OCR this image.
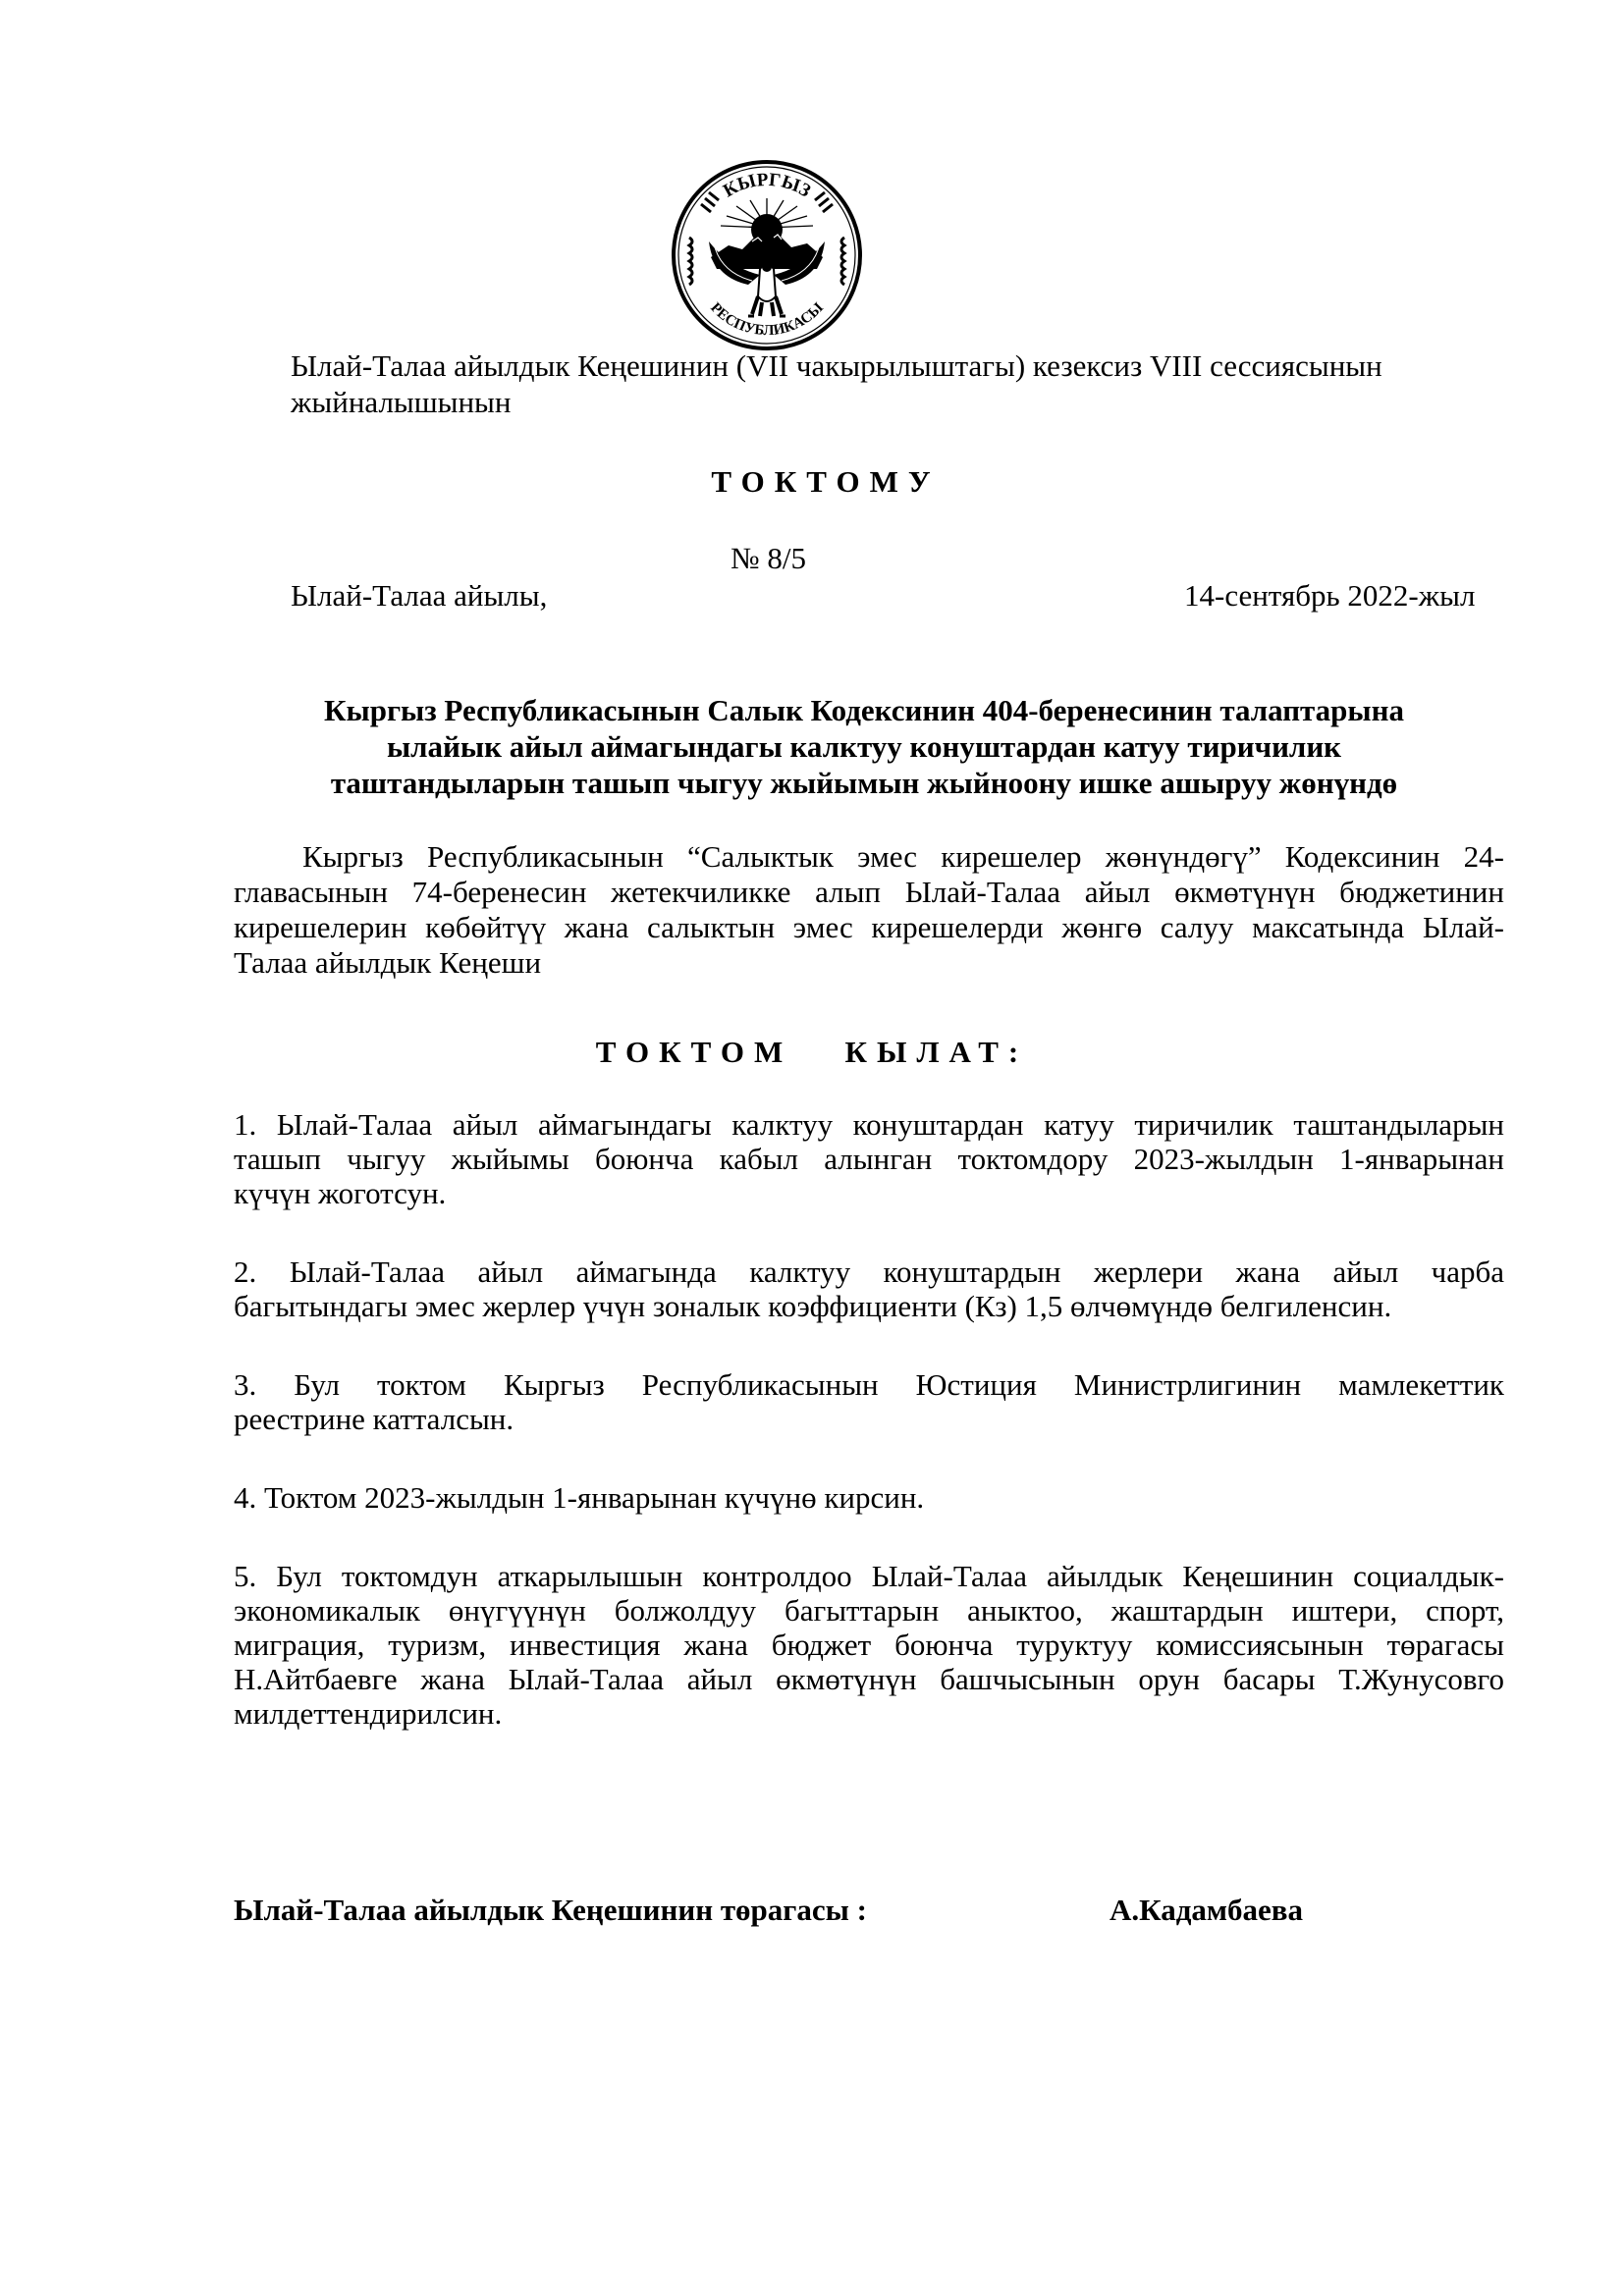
КЫРГЫЗ
РЕСПУБЛИКАСЫ
Ылай-Талаа айылдык Кеңешинин (VII чакырылыштагы) кезексиз VIII сессиясынын
жыйналышынын
ТОКТОМУ
№ 8/5
Ылай-Талаа айылы,	14-сентябрь 2022-жыл
Кыргыз Республикасынын Салык Кодексинин 404-беренесинин талаптарына
ылайык айыл аймагындагы калктуу конуштардан катуу тиричилик
таштандыларын ташып чыгуу жыйымын жыйноону ишке ашыруу жөнүндө
Кыргыз Республикасынын “Салыктык эмес кирешелер жөнүндөгү” Кодексинин 24-
главасынын 74-беренесин жетекчиликке алып Ылай-Талаа айыл өкмөтүнүн бюджетинин
кирешелерин көбөйтүү жана салыктын эмес кирешелерди жөнгө салуу максатында Ылай-
Талаа айылдык Кеңеши
ТОКТОМ   КЫЛАТ:
1. Ылай-Талаа айыл аймагындагы калктуу конуштардан катуу тиричилик таштандыларын
ташып чыгуу жыйымы боюнча кабыл алынган токтомдору 2023-жылдын 1-январынан
күчүн жоготсун.
2. Ылай-Талаа айыл аймагында калктуу конуштардын жерлери жана айыл чарба
багытындагы эмес жерлер үчүн зоналык коэффициенти (Кз) 1,5 өлчөмүндө белгиленсин.
3. Бул токтом Кыргыз Республикасынын Юстиция Министрлигинин мамлекеттик
реестрине катталсын.
4. Токтом 2023-жылдын 1-январынан күчүнө кирсин.
5. Бул токтомдун аткарылышын контролдоо Ылай-Талаа айылдык Кеңешинин социалдык-
экономикалык өнүгүүнүн болжолдуу багыттарын аныктоо, жаштардын иштери, спорт,
миграция, туризм, инвестиция жана бюджет боюнча туруктуу комиссиясынын төрагасы
Н.Айтбаевге жана Ылай-Талаа айыл өкмөтүнүн башчысынын орун басары Т.Жунусовго
милдеттендирилсин.
Ылай-Талаа айылдык Кеңешинин төрагасы :	А.Кадамбаева
